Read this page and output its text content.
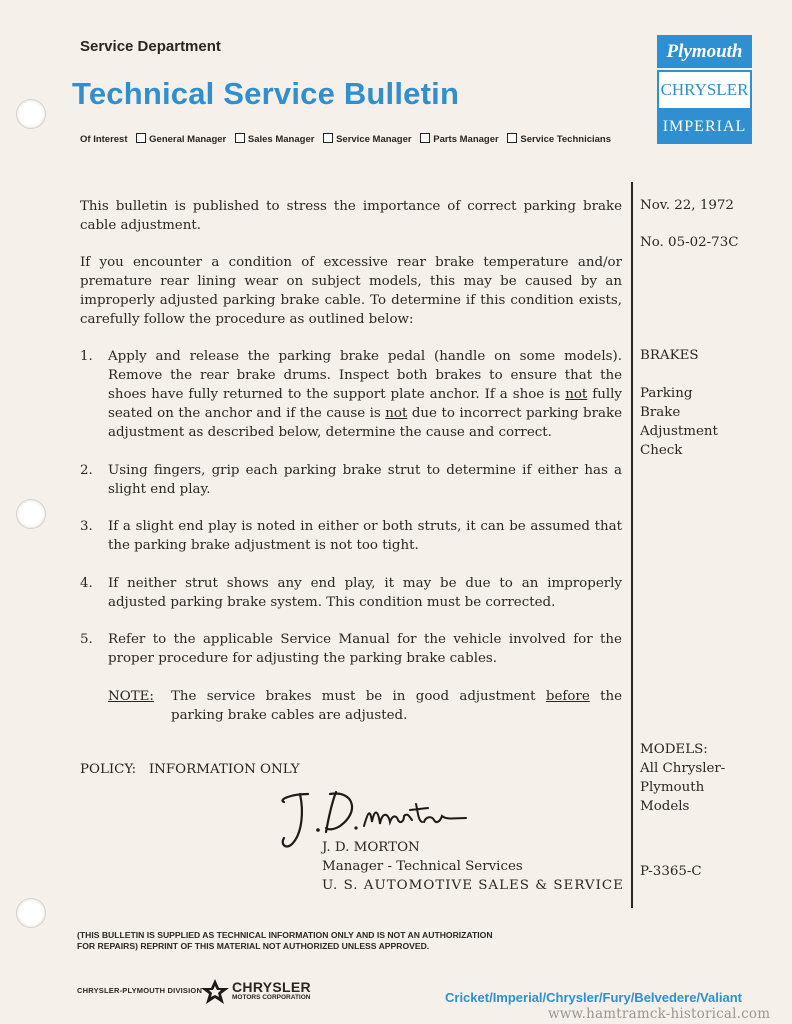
Service Department
Technical Service Bulletin
Of Interest General Manager Sales Manager Service Manager Parts Manager Service Technicians
Plymouth
CHRYSLER
IMPERIAL
Nov. 22, 1972
No. 05-02-73C
BRAKES
Parking
Brake
Adjustment
Check
MODELS:
All Chrysler-
Plymouth
Models
P-3365-C
This bulletin is published to stress the importance of correct parking brake cable adjustment.
If you encounter a condition of excessive rear brake temperature and/or premature rear lining wear on subject models, this may be caused by an improperly adjusted parking brake cable. To determine if this condition exists, carefully follow the procedure as outlined below:
1. Apply and release the parking brake pedal (handle on some models). Remove the rear brake drums. Inspect both brakes to ensure that the shoes have fully returned to the support plate anchor. If a shoe is not fully seated on the anchor and if the cause is not due to incorrect parking brake adjustment as described below, determine the cause and correct.
2. Using fingers, grip each parking brake strut to determine if either has a slight end play.
3. If a slight end play is noted in either or both struts, it can be assumed that the parking brake adjustment is not too tight.
4. If neither strut shows any end play, it may be due to an improperly adjusted parking brake system. This condition must be corrected.
5. Refer to the applicable Service Manual for the vehicle involved for the proper procedure for adjusting the parking brake cables.
NOTE: The service brakes must be in good adjustment before the parking brake cables are adjusted.
POLICY:   INFORMATION ONLY
J. D. MORTON
Manager - Technical Services
U. S. AUTOMOTIVE SALES & SERVICE
(THIS BULLETIN IS SUPPLIED AS TECHNICAL INFORMATION ONLY AND IS NOT AN AUTHORIZATION
FOR REPAIRS) REPRINT OF THIS MATERIAL NOT AUTHORIZED UNLESS APPROVED.
CHRYSLER-PLYMOUTH DIVISION CHRYSLER
MOTORS CORPORATION	Cricket/Imperial/Chrysler/Fury/Belvedere/Valiant
www.hamtramck-historical.com
